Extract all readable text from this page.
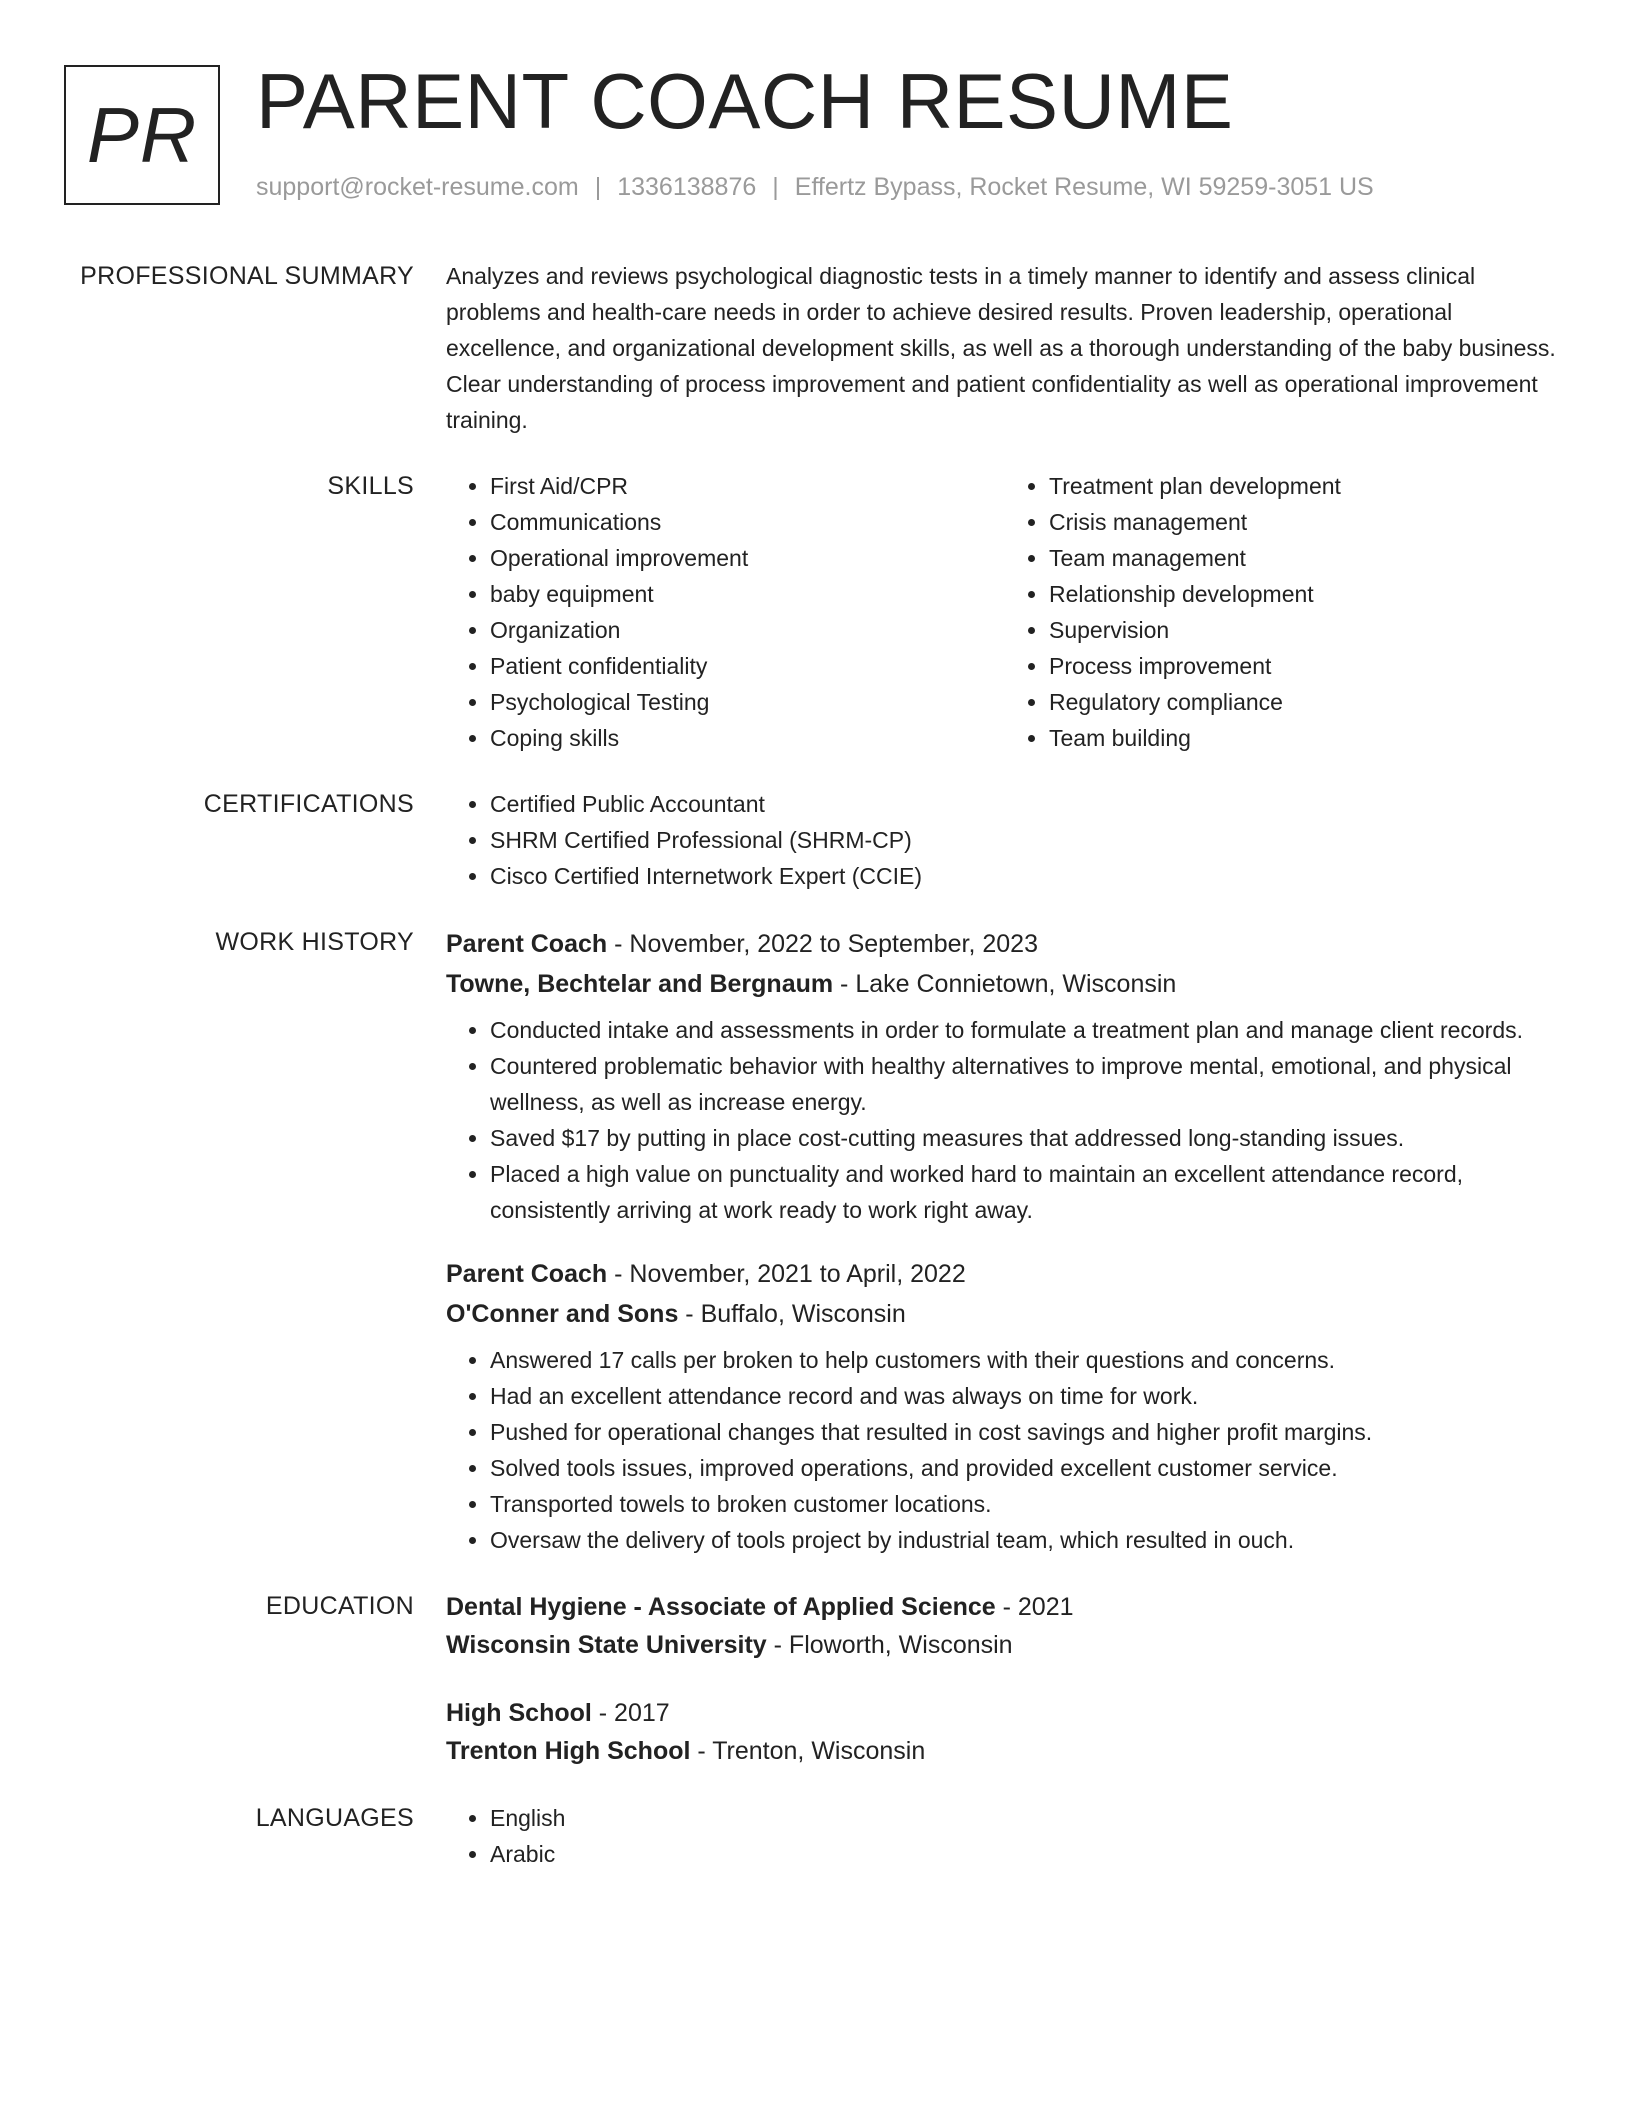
PR PARENT COACH RESUME
support@rocket-resume.com | 1336138876 | Effertz Bypass, Rocket Resume, WI 59259-3051 US
PROFESSIONAL SUMMARY Analyzes and reviews psychological diagnostic tests in a timely manner to identify and assess clinical problems and health-care needs in order to achieve desired results. Proven leadership, operational excellence, and organizational development skills, as well as a thorough understanding of the baby business. Clear understanding of process improvement and patient confidentiality as well as operational improvement training.

SKILLS	• First Aid/CPR
• Communications
• Operational improvement
• baby equipment
• Organization
• Patient confidentiality
• Psychological Testing
• Coping skills
• Treatment plan development
• Crisis management
• Team management
• Relationship development
• Supervision
• Process improvement
• Regulatory compliance
• Team building
CERTIFICATIONS	• Certified Public Accountant
• SHRM Certified Professional (SHRM-CP)
• Cisco Certified Internetwork Expert (CCIE)
WORK HISTORY Parent Coach - November, 2022 to September, 2023
Towne, Bechtelar and Bergnaum - Lake Connietown, Wisconsin
• Conducted intake and assessments in order to formulate a treatment plan and manage client records.
• Countered problematic behavior with healthy alternatives to improve mental, emotional, and physical wellness, as well as increase energy.
• Saved $17 by putting in place cost-cutting measures that addressed long-standing issues.
• Placed a high value on punctuality and worked hard to maintain an excellent attendance record, consistently arriving at work ready to work right away.
Parent Coach - November, 2021 to April, 2022
O'Conner and Sons - Buffalo, Wisconsin
• Answered 17 calls per broken to help customers with their questions and concerns.
• Had an excellent attendance record and was always on time for work.
• Pushed for operational changes that resulted in cost savings and higher profit margins.
• Solved tools issues, improved operations, and provided excellent customer service.
• Transported towels to broken customer locations.
• Oversaw the delivery of tools project by industrial team, which resulted in ouch.
EDUCATION Dental Hygiene - Associate of Applied Science - 2021
Wisconsin State University - Floworth, Wisconsin
High School - 2017
Trenton High School - Trenton, Wisconsin
LANGUAGES	• English
• Arabic
